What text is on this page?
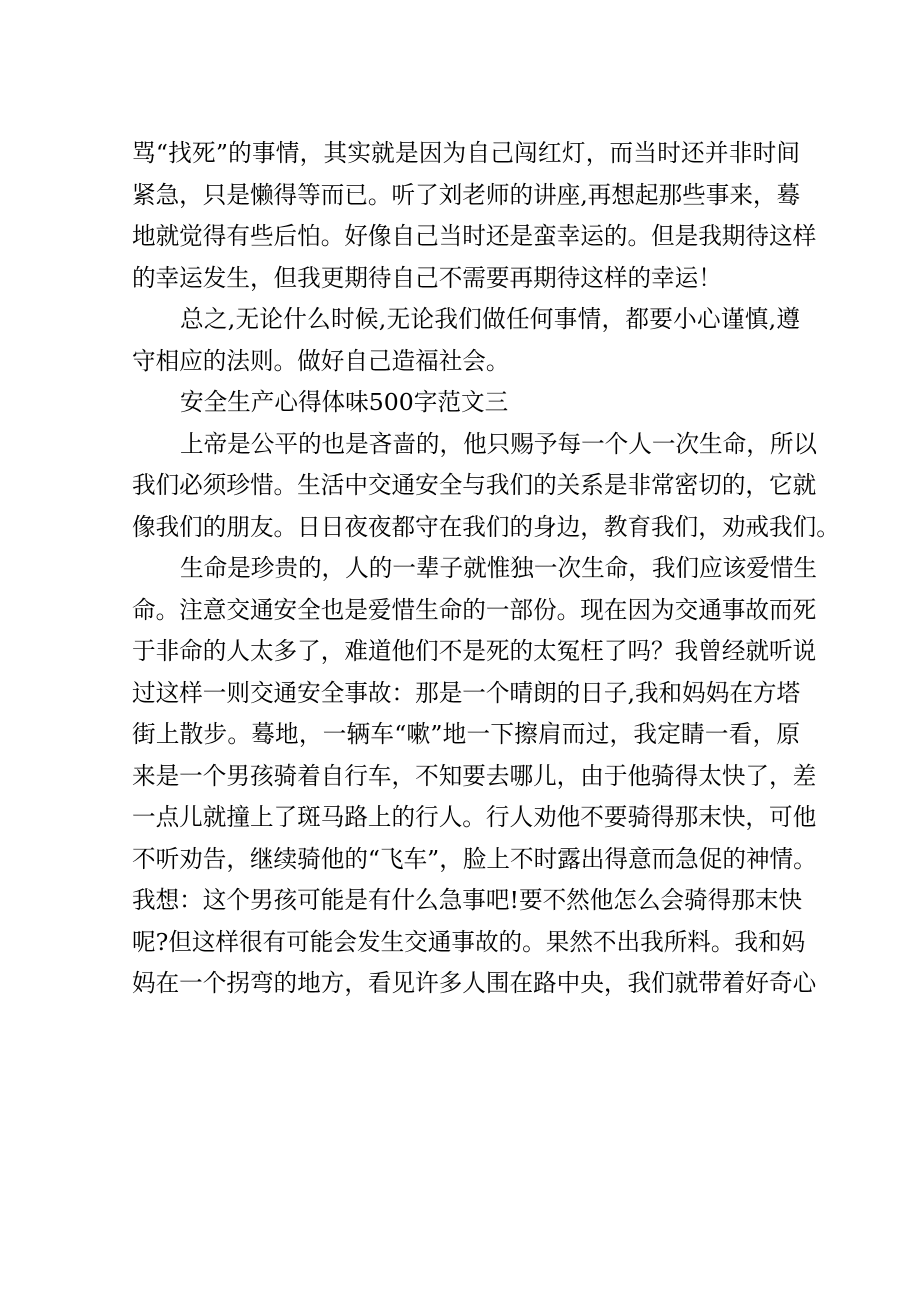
骂“找死”的事情，其实就是因为自己闯红灯，而当时还并非时间
紧急，只是懒得等而已。听了刘老师的讲座,再想起那些事来，蓦
地就觉得有些后怕。好像自己当时还是蛮幸运的。但是我期待这样
的幸运发生，但我更期待自己不需要再期待这样的幸运！
总之,无论什么时候,无论我们做任何事情，都要小心谨慎,遵
守相应的法则。做好自己造福社会。
安全生产心得体味500字范文三
上帝是公平的也是吝啬的，他只赐予每一个人一次生命，所以
我们必须珍惜。生活中交通安全与我们的关系是非常密切的，它就
像我们的朋友。日日夜夜都守在我们的身边，教育我们，劝戒我们。
生命是珍贵的，人的一辈子就惟独一次生命，我们应该爱惜生
命。注意交通安全也是爱惜生命的一部份。现在因为交通事故而死
于非命的人太多了，难道他们不是死的太冤枉了吗？我曾经就听说
过这样一则交通安全事故：那是一个晴朗的日子,我和妈妈在方塔
街上散步。蓦地，一辆车“嗽”地一下擦肩而过，我定睛一看，原
来是一个男孩骑着自行车，不知要去哪儿，由于他骑得太快了，差
一点儿就撞上了斑马路上的行人。行人劝他不要骑得那末快，可他
不听劝告，继续骑他的“飞车”，脸上不时露出得意而急促的神情。
我想：这个男孩可能是有什么急事吧!要不然他怎么会骑得那末快
呢?但这样很有可能会发生交通事故的。果然不出我所料。我和妈
妈在一个拐弯的地方，看见许多人围在路中央，我们就带着好奇心
